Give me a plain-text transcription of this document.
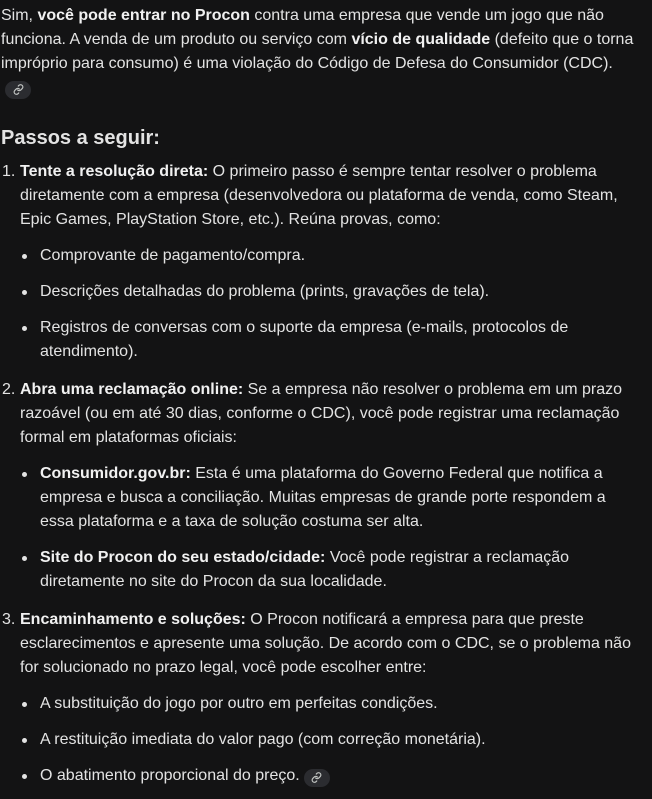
Sim, você pode entrar no Procon contra uma empresa que vende um jogo que não funciona. A venda de um produto ou serviço com vício de qualidade (defeito que o torna impróprio para consumo) é uma violação do Código de Defesa do Consumidor (CDC).

Passos a seguir:
1. Tente a resolução direta: O primeiro passo é sempre tentar resolver o problema diretamente com a empresa (desenvolvedora ou plataforma de venda, como Steam, Epic Games, PlayStation Store, etc.). Reúna provas, como:
Comprovante de pagamento/compra.
Descrições detalhadas do problema (prints, gravações de tela).
Registros de conversas com o suporte da empresa (e-mails, protocolos de atendimento).
2. Abra uma reclamação online: Se a empresa não resolver o problema em um prazo razoável (ou em até 30 dias, conforme o CDC), você pode registrar uma reclamação formal em plataformas oficiais:
Consumidor.gov.br: Esta é uma plataforma do Governo Federal que notifica a empresa e busca a conciliação. Muitas empresas de grande porte respondem a essa plataforma e a taxa de solução costuma ser alta.
Site do Procon do seu estado/cidade: Você pode registrar a reclamação diretamente no site do Procon da sua localidade.
3. Encaminhamento e soluções: O Procon notificará a empresa para que preste esclarecimentos e apresente uma solução. De acordo com o CDC, se o problema não for solucionado no prazo legal, você pode escolher entre:
A substituição do jogo por outro em perfeitas condições.
A restituição imediata do valor pago (com correção monetária).
O abatimento proporcional do preço.
